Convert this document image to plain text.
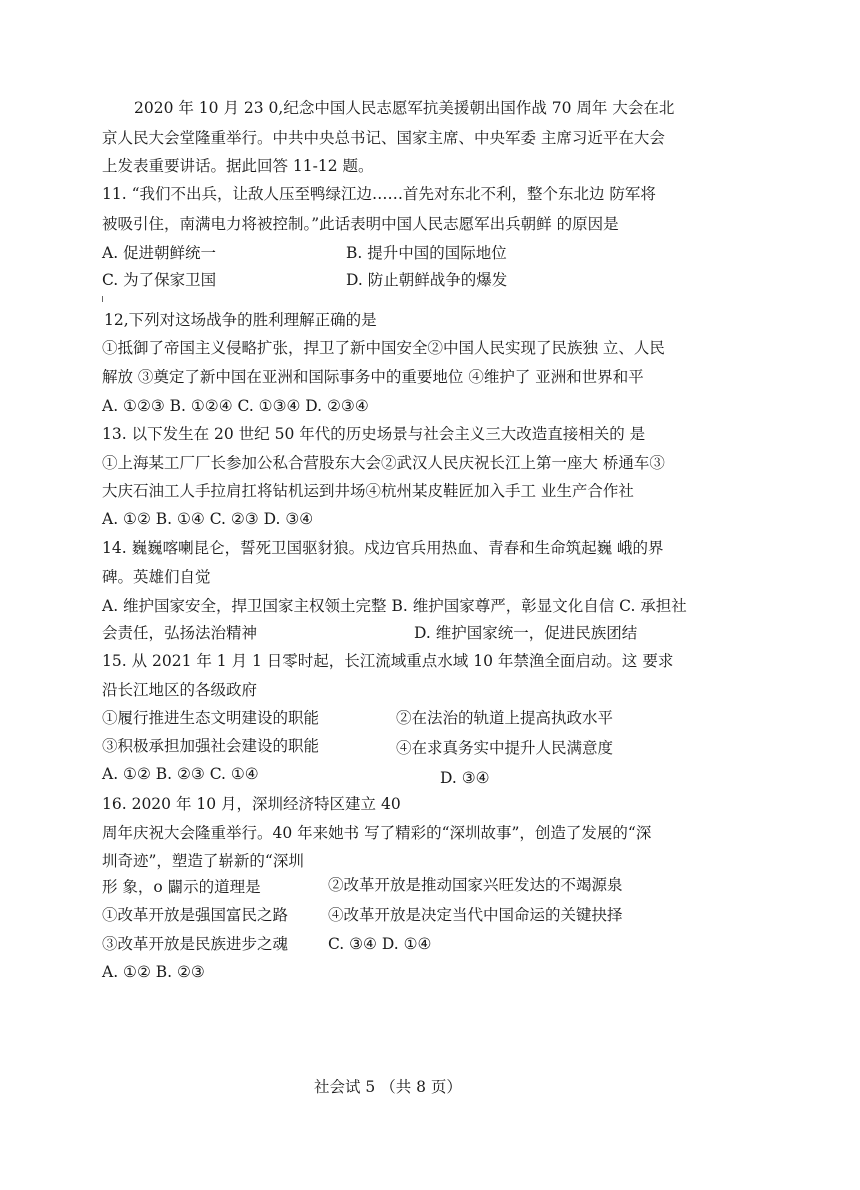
2020 年 10 月 23 0,纪念中国人民志愿军抗美援朝出国作战 70 周年 大会在北
京人民大会堂隆重举行。中共中央总书记、国家主席、中央军委 主席习近平在大会
上发表重要讲话。据此回答 11-12 题。
11. “我们不出兵，让敌人压至鸭绿江边……首先对东北不利，整个东北边 防军将
被吸引住，南满电力将被控制。”此话表明中国人民志愿军出兵朝鲜 的原因是
A. 促进朝鲜统一	B. 提升中国的国际地位
C. 为了保家卫国	D. 防止朝鲜战争的爆发
12,下列对这场战争的胜利理解正确的是
①抵御了帝国主义侵略扩张，捍卫了新中国安全②中国人民实现了民族独 立、人民
解放 ③奠定了新中国在亚洲和国际事务中的重要地位 ④维护了 亚洲和世界和平
A. ①②③ B. ①②④ C. ①③④ D. ②③④
13. 以下发生在 20 世纪 50 年代的历史场景与社会主义三大改造直接相关的 是
①上海某工厂厂长参加公私合营股东大会②武汉人民庆祝长江上第一座大 桥通车③
大庆石油工人手拉肩扛将钻机运到井场④杭州某皮鞋匠加入手工 业生产合作社
A. ①② B. ①④ C. ②③ D. ③④
14. 巍巍喀喇昆仑，誓死卫国驱豺狼。戍边官兵用热血、青春和生命筑起巍 峨的界
碑。英雄们自觉
A. 维护国家安全，捍卫国家主权领土完整 B. 维护国家尊严，彰显文化自信 C. 承担社
会责任，弘扬法治精神	D. 维护国家统一，促进民族团结
15. 从 2021 年 1 月 1 日零时起，长江流域重点水域 10 年禁渔全面启动。这 要求
沿长江地区的各级政府
①履行推进生态文明建设的职能	②在法治的轨道上提高执政水平
③积极承担加强社会建设的职能	④在求真务实中提升人民满意度
A. ①② B. ②③ C. ①④	D. ③④
16. 2020 年 10 月，深圳经济特区建立 40
周年庆祝大会隆重举行。40 年来她书 写了精彩的“深圳故事”，创造了发展的“深
圳奇迹”，塑造了崭新的“深圳
形 象，o 闢示的道理是	②改革开放是推动国家兴旺发达的不竭源泉
①改革开放是强国富民之路	④改革开放是决定当代中国命运的关键抉择
③改革开放是民族进步之魂	C. ③④ D. ①④
A. ①② B. ②③
社会试 5 （共 8 页）
